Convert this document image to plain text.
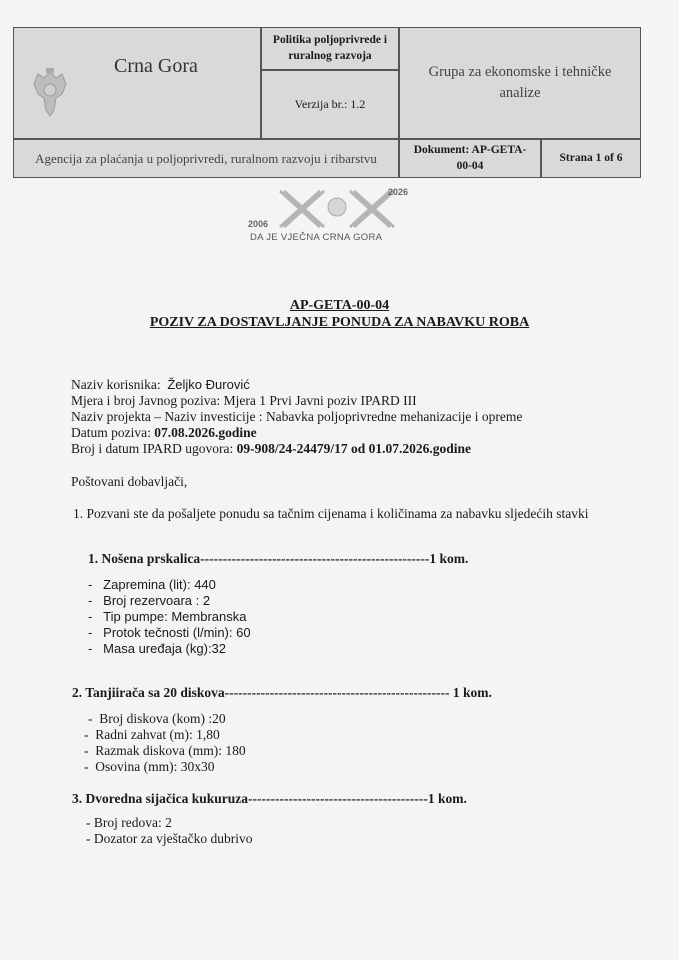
Crna Gora
Politika poljoprivrede i ruralnog razvoja
Verzija br.: 1.2
Grupa za ekonomske i tehničke analize
Agencija za plaćanja u poljoprivredi, ruralnom razvoju i ribarstvu
Dokument: AP-GETA-00-04
Strana 1 of 6
2006
2026
DA JE VJEČNA CRNA GORA
AP-GETA-00-04
POZIV ZA DOSTAVLJANJE PONUDA ZA NABAVKU ROBA
Naziv korisnika: Željko Đurović
Mjera i broj Javnog poziva: Mjera 1 Prvi Javni poziv IPARD III
Naziv projekta – Naziv investicije : Nabavka poljoprivredne mehanizacije i opreme
Datum poziva: 07.08.2026.godine
Broj i datum IPARD ugovora: 09-908/24-24479/17 od 01.07.2026.godine
Poštovani dobavljači,
1. Pozvani ste da pošaljete ponudu sa tačnim cijenama i količinama za nabavku sljedećih stavki
1. Nošena prskalica---------------------------------------------------1 kom.
-   Zapremina (lit): 440
-   Broj rezervoara : 2
-   Tip pumpe: Membranska
-   Protok tečnosti (l/min): 60
-   Masa uređaja (kg):32
2. Tanjiirača sa 20 diskova-------------------------------------------------- 1 kom.
-  Broj diskova (kom) :20
-  Radni zahvat (m): 1,80
-  Razmak diskova (mm): 180
-  Osovina (mm): 30x30
3. Dvoredna sijačica kukuruza----------------------------------------1 kom.
- Broj redova: 2
- Dozator za vještačko dubrivo
